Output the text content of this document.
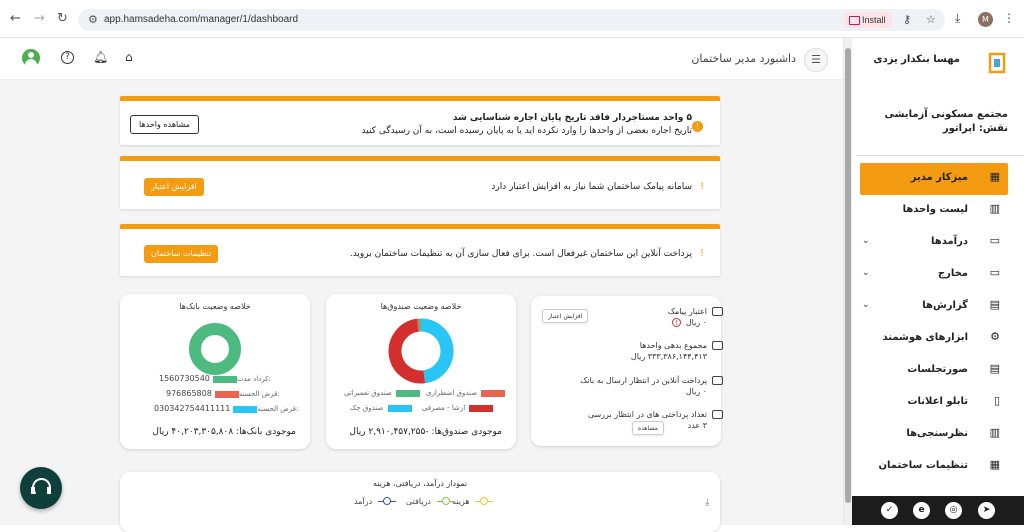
← → ↻ ⚙ app.hamsadeha.com/manager/1/dashboard	Install	⚷ ☆ ⤓	M	⋮
?	🔔︎ ⌂	داشبورد مدیر ساختمان	☰
!
۵ واحد مستاجردار فاقد تاریخ پایان اجاره شناسایی شد
تاریخ اجاره بعضی از واحدها را وارد نکرده اید یا به پایان رسیده است، به آن رسیدگی کنید
مشاهده واحدها
!
سامانه پیامک ساختمان شما نیاز به افزایش اعتبار دارد
افزایش اعتبار
!
پرداخت آنلاین این ساختمان غیرفعال است. برای فعال سازی آن به تنظیمات ساختمان بروید.
تنظیمات ساختمان
خلاصه وضعیت بانک‌ها
1560730540	کرداد مدت:
976865808	قرض الحسنه:
030342754411111	قرض الحسنه:
موجودی بانک‌ها: ۴۰,۲۰۳,۳۰۵,۸۰۸ ریال
خلاصه وضعیت صندوق‌ها
صندوق تعمیراتی	صندوق اضطراری
صندوق چک	ارشا - مصرفی
موجودی صندوق‌ها: -۲,۹۱۰,۴۵۷,۲۵۵ ریال
اعتبار پیامک
۰ ریال !
افزایش اعتبار
مجموع بدهی واحدها
۳۳۳,۳۸۶,۱۴۴,۴۱۳ ریال
پرداخت آنلاین در انتظار ارسال به بانک
۰ ریال
تعداد پرداختی های در انتظار بررسی
۳ عدد
مشاهده
نمودار درآمد، دریافتی، هزینه
هزینه
دریافتی
درآمد	⤓
مهسا بنکدار یزدی
مجتمع مسکونی آزمایشی
نقش: اپراتور
▦
میزکار مدیر
▥
لیست واحدها
▭
درآمدها
⌄
▭
مخارج
⌄
▤
گزارش‌ها
⌄
⚙
ابزارهای هوشمند
▤
صورتجلسات
▯
تابلو اعلانات
▥
نظرسنجی‌ها
▦
تنظیمات ساختمان
➤
◎
e
✓
